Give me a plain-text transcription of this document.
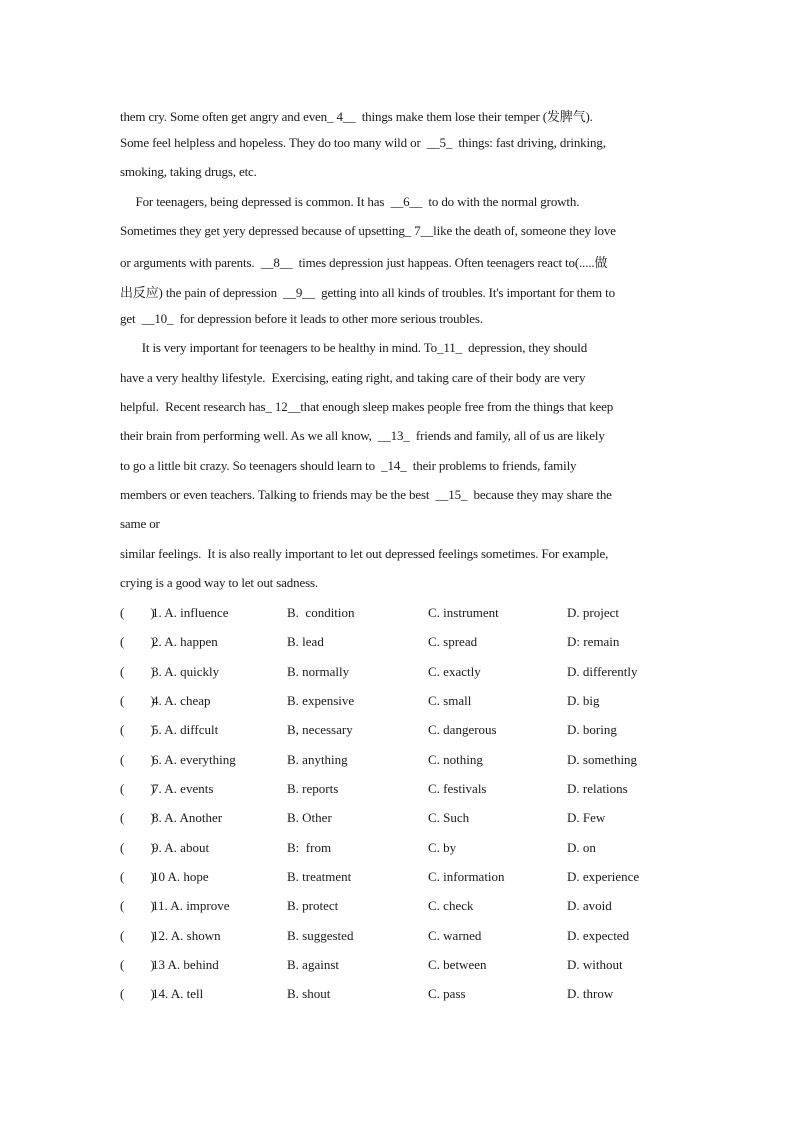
them cry. Some often get angry and even_ 4__  things make them lose their temper (发脾气).
Some feel helpless and hopeless. They do too many wild or  __5_  things: fast driving, drinking,
smoking, taking drugs, etc.
For teenagers, being depressed is common. It has  __6__  to do with the normal growth.
Sometimes they get yery depressed because of upsetting_ 7__like the death of, someone they love
or arguments with parents.  __8__  times depression just happeas. Often teenagers react to(.....做
出反应) the pain of depression  __9__  getting into all kinds of troubles. It's important for them to
get  __10_  for depression before it leads to other more serious troubles.
It is very important for teenagers to be healthy in mind. To_11_  depression, they should
have a very healthy lifestyle.  Exercising, eating right, and taking care of their body are very
helpful.  Recent research has_ 12__that enough sleep makes people free from the things that keep
their brain from performing well. As we all know,  __13_  friends and family, all of us are likely
to go a little bit crazy. So teenagers should learn to  _14_  their problems to friends, family
members or even teachers. Talking to friends may be the best  __15_  because they may share the
same or
similar feelings.  It is also really important to let out depressed feelings sometimes. For example,
crying is a good way to let out sadness.
(        )
1. A. influence	B.  condition	C. instrument	D. project
(        )
2. A. happen	B. lead	C. spread	D: remain
(        )
3. A. quickly	B. normally	C. exactly	D. differently
(        )
4. A. cheap	B. expensive	C. small	D. big
(        )
5. A. diffcult	B, necessary	C. dangerous	D. boring
(        )
6. A. everything	B. anything	C. nothing	D. something
(        )
7. A. events	B. reports	C. festivals	D. relations
(        )
8. A. Another	B. Other	C. Such	D. Few
(        )
9. A. about	B:  from	C. by	D. on
(        )
10 A. hope	B. treatment	C. information	D. experience
(        )
11. A. improve	B. protect	C. check	D. avoid
(        )
12. A. shown	B. suggested	C. warned	D. expected
(        )
13 A. behind	B. against	C. between	D. without
(        )
14. A. tell	B. shout	C. pass	D. throw
